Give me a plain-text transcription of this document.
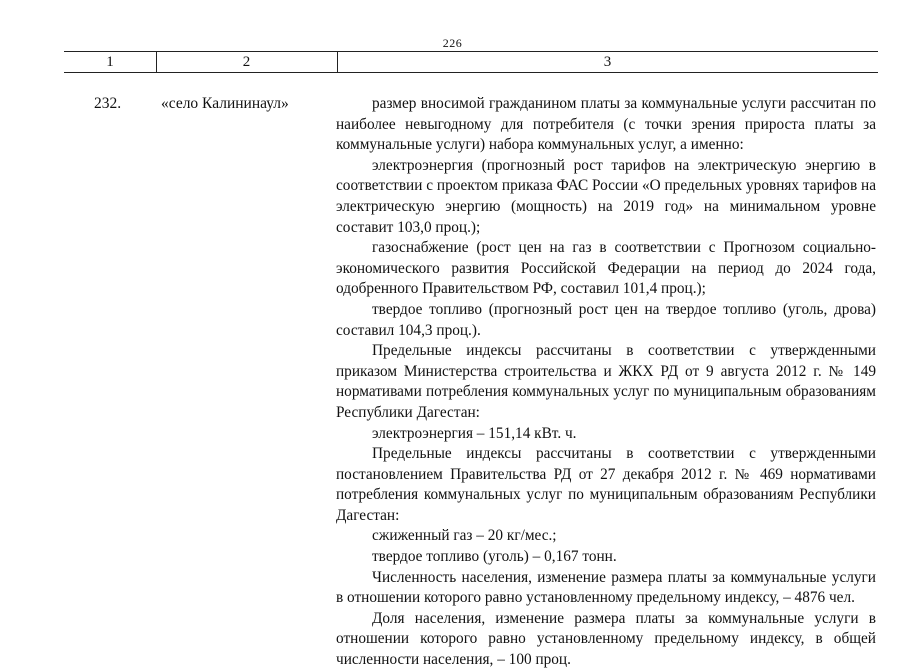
226
1	2	3
232.	«село Калининаул»	размер вносимой гражданином платы за коммунальные услуги рассчитан по наиболее невыгодному для потребителя (с точки зрения прироста платы за коммунальные услуги) набора коммунальных услуг, а именно:

электроэнергия (прогнозный рост тарифов на электрическую энергию в соответствии с проектом приказа ФАС России «О предельных уровнях тарифов на электрическую энергию (мощность) на 2019 год» на минимальном уровне составит 103,0 проц.);

газоснабжение (рост цен на газ в соответствии с Прогнозом социально-экономического развития Российской Федерации на период до 2024 года, одобренного Правительством РФ, составил 101,4 проц.);

твердое топливо (прогнозный рост цен на твердое топливо (уголь, дрова) составил 104,3 проц.).

Предельные индексы рассчитаны в соответствии с утвержденными приказом Министерства строительства и ЖКХ РД от 9 августа 2012 г. № 149 нормативами потребления коммунальных услуг по муниципальным образованиям Республики Дагестан:

электроэнергия – 151,14 кВт. ч.

Предельные индексы рассчитаны в соответствии с утвержденными постановлением Правительства РД от 27 декабря 2012 г. № 469 нормативами потребления коммунальных услуг по муниципальным образованиям Республики Дагестан:

сжиженный газ – 20 кг/мес.;

твердое топливо (уголь) – 0,167 тонн.

Численность населения, изменение размера платы за коммунальные услуги в отношении которого равно установленному предельному индексу, – 4876 чел.

Доля населения, изменение размера платы за коммунальные услуги в отношении которого равно установленному предельному индексу, в общей численности населения, – 100 проц.
